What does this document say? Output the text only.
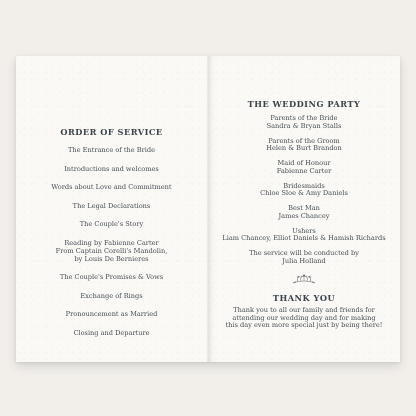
ORDER OF SERVICE
The Entrance of the Bride
Introductions and welcomes
Words about Love and Commitment
The Legal Declarations
The Couple's Story
Reading by Fabienne Carter
From Captain Corelli's Mandolin,
by Louis De Bernieres
The Couple's Promises & Vows
Exchange of Rings
Pronouncement as Married
Closing and Departure
THE WEDDING PARTY
Parents of the Bride
Sandra & Bryan Stalls
Parents of the Groom
Helen & Burt Brandon
Maid of Honour
Fabienne Carter
Bridesmaids
Chloe Sloe & Amy Daniels
Best Man
James Chancey
Ushers
Liam Chancey, Elliot Daniels & Hamish Richards
The service will be conducted by
Julia Holland
THANK YOU
Thank you to all our family and friends for
attending our wedding day and for making
this day even more special just by being there!
